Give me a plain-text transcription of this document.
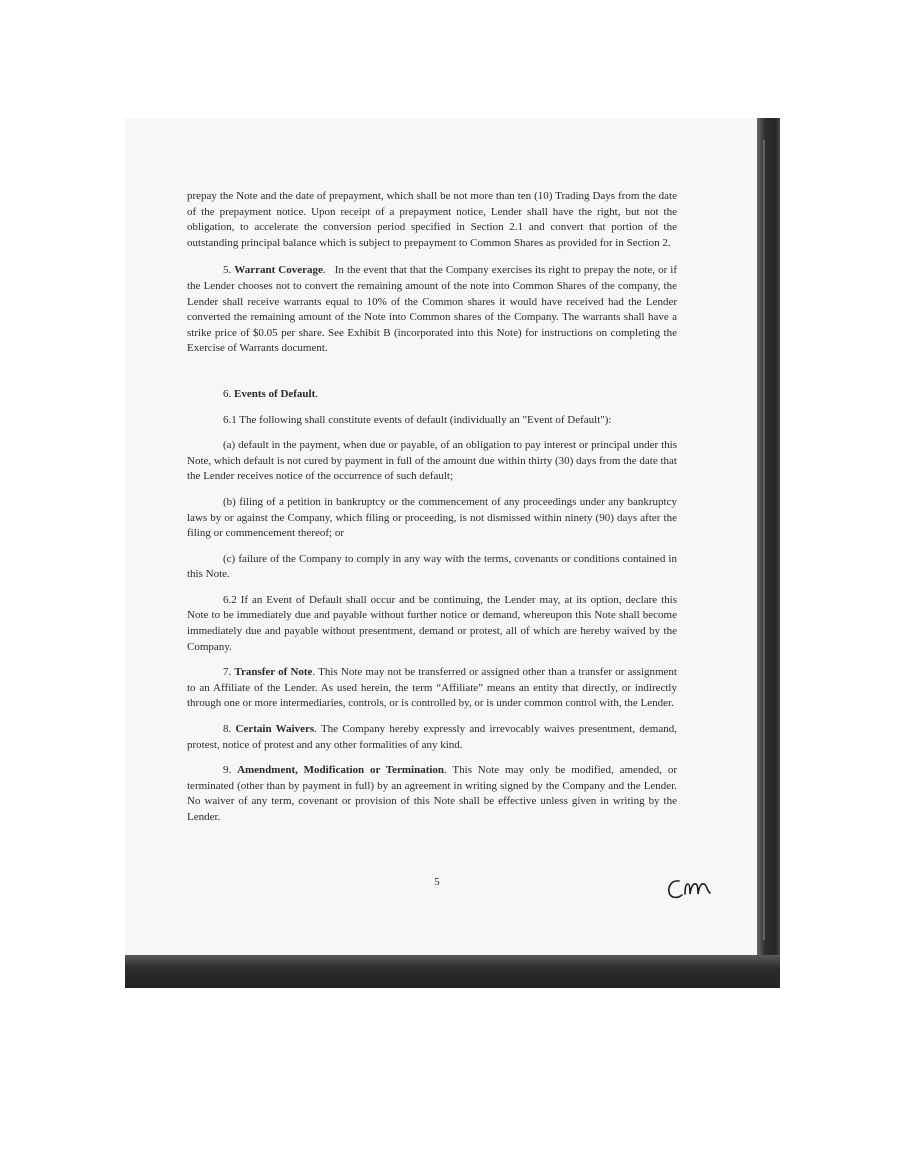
prepay the Note and the date of prepayment, which shall be not more than ten (10) Trading Days from the date of the prepayment notice. Upon receipt of a prepayment notice, Lender shall have the right, but not the obligation, to accelerate the conversion period specified in Section 2.1 and convert that portion of the outstanding principal balance which is subject to prepayment to Common Shares as provided for in Section 2.

5. Warrant Coverage. In the event that that the Company exercises its right to prepay the note, or if the Lender chooses not to convert the remaining amount of the note into Common Shares of the company, the Lender shall receive warrants equal to 10% of the Common shares it would have received had the Lender converted the remaining amount of the Note into Common shares of the Company. The warrants shall have a strike price of $0.05 per share. See Exhibit B (incorporated into this Note) for instructions on completing the Exercise of Warrants document.

6. Events of Default.

6.1 The following shall constitute events of default (individually an "Event of Default"):

(a) default in the payment, when due or payable, of an obligation to pay interest or principal under this Note, which default is not cured by payment in full of the amount due within thirty (30) days from the date that the Lender receives notice of the occurrence of such default;

(b) filing of a petition in bankruptcy or the commencement of any proceedings under any bankruptcy laws by or against the Company, which filing or proceeding, is not dismissed within ninety (90) days after the filing or commencement thereof; or

(c) failure of the Company to comply in any way with the terms, covenants or conditions contained in this Note.

6.2 If an Event of Default shall occur and be continuing, the Lender may, at its option, declare this Note to be immediately due and payable without further notice or demand, whereupon this Note shall become immediately due and payable without presentment, demand or protest, all of which are hereby waived by the Company.

7. Transfer of Note. This Note may not be transferred or assigned other than a transfer or assignment to an Affiliate of the Lender. As used herein, the term “Affiliate” means an entity that directly, or indirectly through one or more intermediaries, controls, or is controlled by, or is under common control with, the Lender.

8. Certain Waivers. The Company hereby expressly and irrevocably waives presentment, demand, protest, notice of protest and any other formalities of any kind.

9. Amendment, Modification or Termination. This Note may only be modified, amended, or terminated (other than by payment in full) by an agreement in writing signed by the Company and the Lender. No waiver of any term, covenant or provision of this Note shall be effective unless given in writing by the Lender.

5
